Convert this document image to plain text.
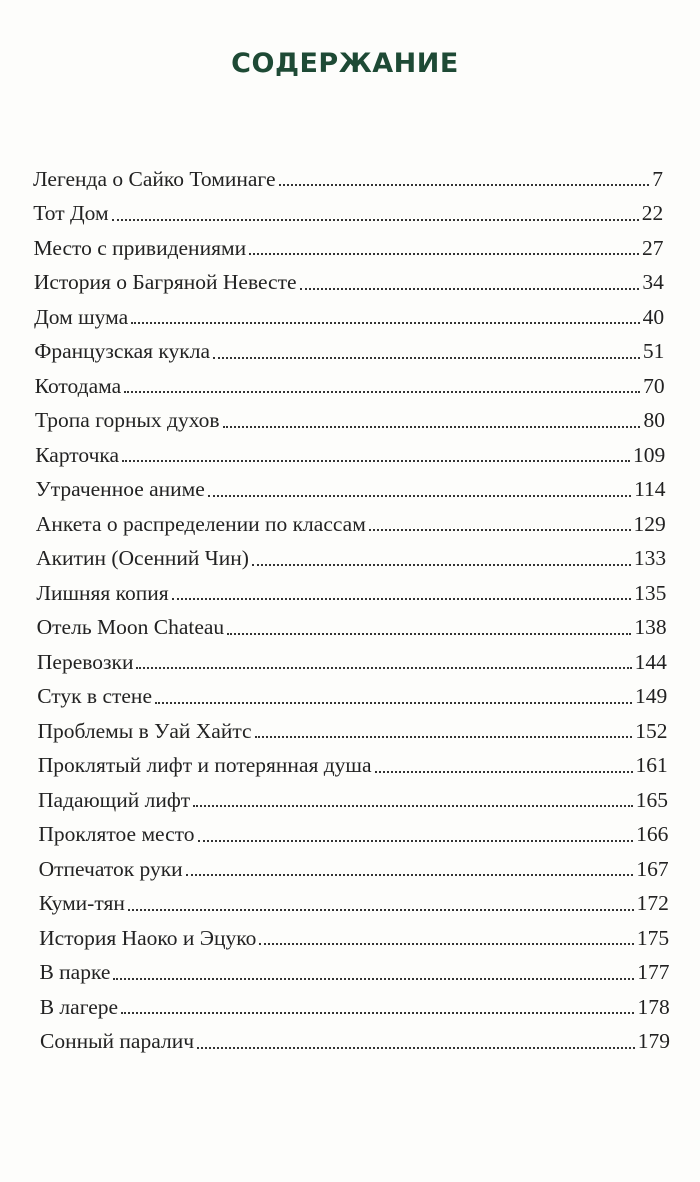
СОДЕРЖАНИЕ
Легенда о Сайко Томинаге	7
Тот Дом	22
Место с привидениями	27
История о Багряной Невесте	34
Дом шума	40
Французская кукла	51
Котодама	70
Тропа горных духов	80
Карточка	109
Утраченное аниме	114
Анкета о распределении по классам	129
Акитин (Осенний Чин)	133
Лишняя копия	135
Отель Moon Chateau	138
Перевозки	144
Стук в стене	149
Проблемы в Уай Хайтс	152
Проклятый лифт и потерянная душа	161
Падающий лифт	165
Проклятое место	166
Отпечаток руки	167
Куми-тян	172
История Наоко и Эцуко	175
В парке	177
В лагере	178
Сонный паралич	179
